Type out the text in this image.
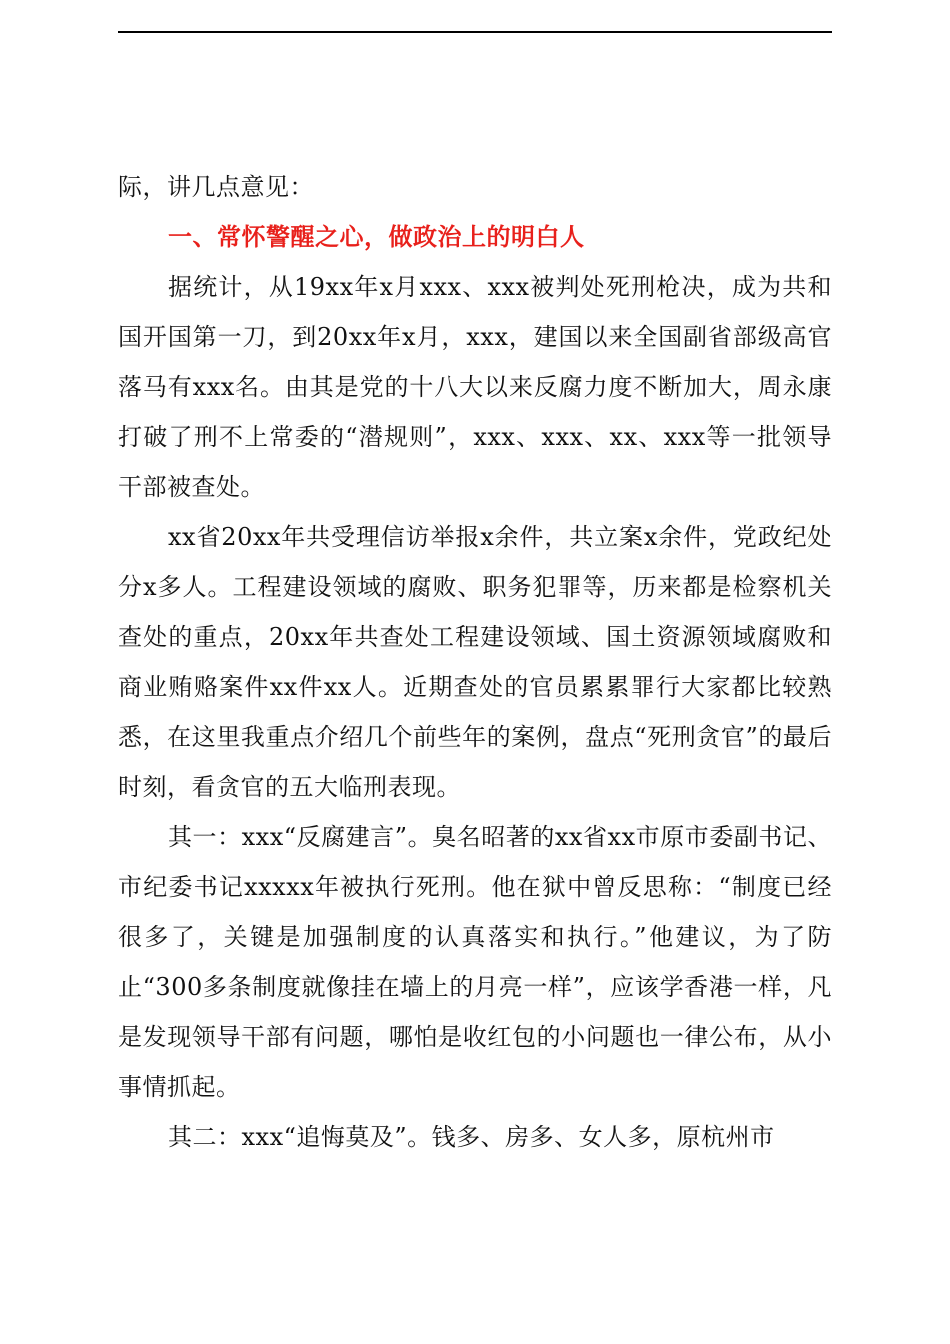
际，讲几点意见：

一、常怀警醒之心，做政治上的明白人

据统计，从19xx年x月xxx、xxx被判处死刑枪决，成为共和国开国第一刀，到20xx年x月，xxx，建国以来全国副省部级高官落马有xxx名。由其是党的十八大以来反腐力度不断加大，周永康打破了刑不上常委的“潜规则”，xxx、xxx、xx、xxx等一批领导干部被查处。

xx省20xx年共受理信访举报x余件，共立案x余件，党政纪处分x多人。工程建设领域的腐败、职务犯罪等，历来都是检察机关查处的重点，20xx年共查处工程建设领域、国土资源领域腐败和商业贿赂案件xx件xx人。近期查处的官员累累罪行大家都比较熟悉，在这里我重点介绍几个前些年的案例，盘点“死刑贪官”的最后时刻，看贪官的五大临刑表现。

其一：xxx“反腐建言”。臭名昭著的xx省xx市原市委副书记、市纪委书记xxxxx年被执行死刑。他在狱中曾反思称：“制度已经很多了，关键是加强制度的认真落实和执行。”他建议，为了防止“300多条制度就像挂在墙上的月亮一样”，应该学香港一样，凡是发现领导干部有问题，哪怕是收红包的小问题也一律公布，从小事情抓起。

其二：xxx“追悔莫及”。钱多、房多、女人多，原杭州市
